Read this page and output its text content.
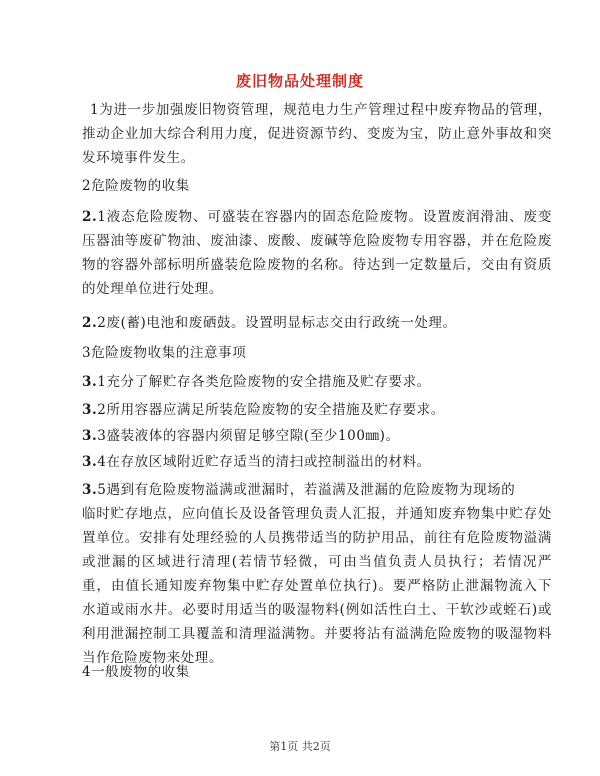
废旧物品处理制度

1为进一步加强废旧物资管理，规范电力生产管理过程中废弃物品的管理，推动企业加大综合利用力度，促进资源节约、变废为宝，防止意外事故和突发环境事件发生。

2危险废物的收集

2.1液态危险废物、可盛装在容器内的固态危险废物。设置废润滑油、废变压器油等废矿物油、废油漆、废酸、废碱等危险废物专用容器，并在危险废物的容器外部标明所盛装危险废物的名称。待达到一定数量后，交由有资质的处理单位进行处理。

2.2废(蓄)电池和废硒鼓。设置明显标志交由行政统一处理。

3危险废物收集的注意事项

3.1充分了解贮存各类危险废物的安全措施及贮存要求。

3.2所用容器应满足所装危险废物的安全措施及贮存要求。

3.3盛装液体的容器内须留足够空隙(至少100㎜)。

3.4在存放区域附近贮存适当的清扫或控制溢出的材料。

3.5遇到有危险废物溢满或泄漏时，若溢满及泄漏的危险废物为现场的

临时贮存地点，应向值长及设备管理负责人汇报，并通知废弃物集中贮存处置单位。安排有处理经验的人员携带适当的防护用品，前往有危险废物溢满或泄漏的区域进行清理(若情节轻微，可由当值负责人员执行；若情况严重，由值长通知废弃物集中贮存处置单位执行)。要严格防止泄漏物流入下水道或雨水井。必要时用适当的吸湿物料(例如活性白土、干软沙或蛭石)或利用泄漏控制工具覆盖和清理溢满物。并要将沾有溢满危险废物的吸湿物料当作危险废物来处理。

4一般废物的收集

第1页 共2页
